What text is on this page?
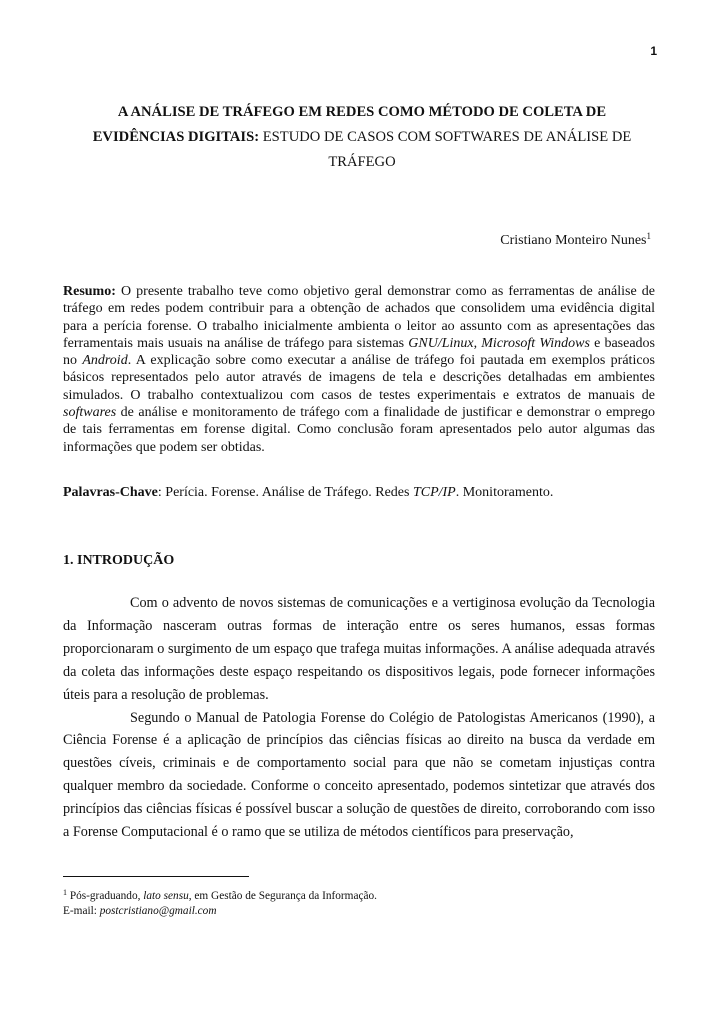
1
A ANÁLISE DE TRÁFEGO EM REDES COMO MÉTODO DE COLETA DE EVIDÊNCIAS DIGITAIS: ESTUDO DE CASOS COM SOFTWARES DE ANÁLISE DE TRÁFEGO
Cristiano Monteiro Nunes$^1$
Resumo: O presente trabalho teve como objetivo geral demonstrar como as ferramentas de análise de tráfego em redes podem contribuir para a obtenção de achados que consolidem uma evidência digital para a perícia forense. O trabalho inicialmente ambienta o leitor ao assunto com as apresentações das ferramentais mais usuais na análise de tráfego para sistemas GNU/Linux, Microsoft Windows e baseados no Android. A explicação sobre como executar a análise de tráfego foi pautada em exemplos práticos básicos representados pelo autor através de imagens de tela e descrições detalhadas em ambientes simulados. O trabalho contextualizou com casos de testes experimentais e extratos de manuais de softwares de análise e monitoramento de tráfego com a finalidade de justificar e demonstrar o emprego de tais ferramentas em forense digital. Como conclusão foram apresentados pelo autor algumas das informações que podem ser obtidas.
Palavras-Chave: Perícia. Forense. Análise de Tráfego. Redes TCP/IP. Monitoramento.
1. INTRODUÇÃO

Com o advento de novos sistemas de comunicações e a vertiginosa evolução da Tecnologia da Informação nasceram outras formas de interação entre os seres humanos, essas formas proporcionaram o surgimento de um espaço que trafega muitas informações. A análise adequada através da coleta das informações deste espaço respeitando os dispositivos legais, pode fornecer informações úteis para a resolução de problemas.

Segundo o Manual de Patologia Forense do Colégio de Patologistas Americanos (1990), a Ciência Forense é a aplicação de princípios das ciências físicas ao direito na busca da verdade em questões cíveis, criminais e de comportamento social para que não se cometam injustiças contra qualquer membro da sociedade. Conforme o conceito apresentado, podemos sintetizar que através dos princípios das ciências físicas é possível buscar a solução de questões de direito, corroborando com isso a Forense Computacional é o ramo que se utiliza de métodos científicos para preservação,

$^1$ Pós-graduando, lato sensu, em Gestão de Segurança da Informação.

E-mail: postcristiano@gmail.com
